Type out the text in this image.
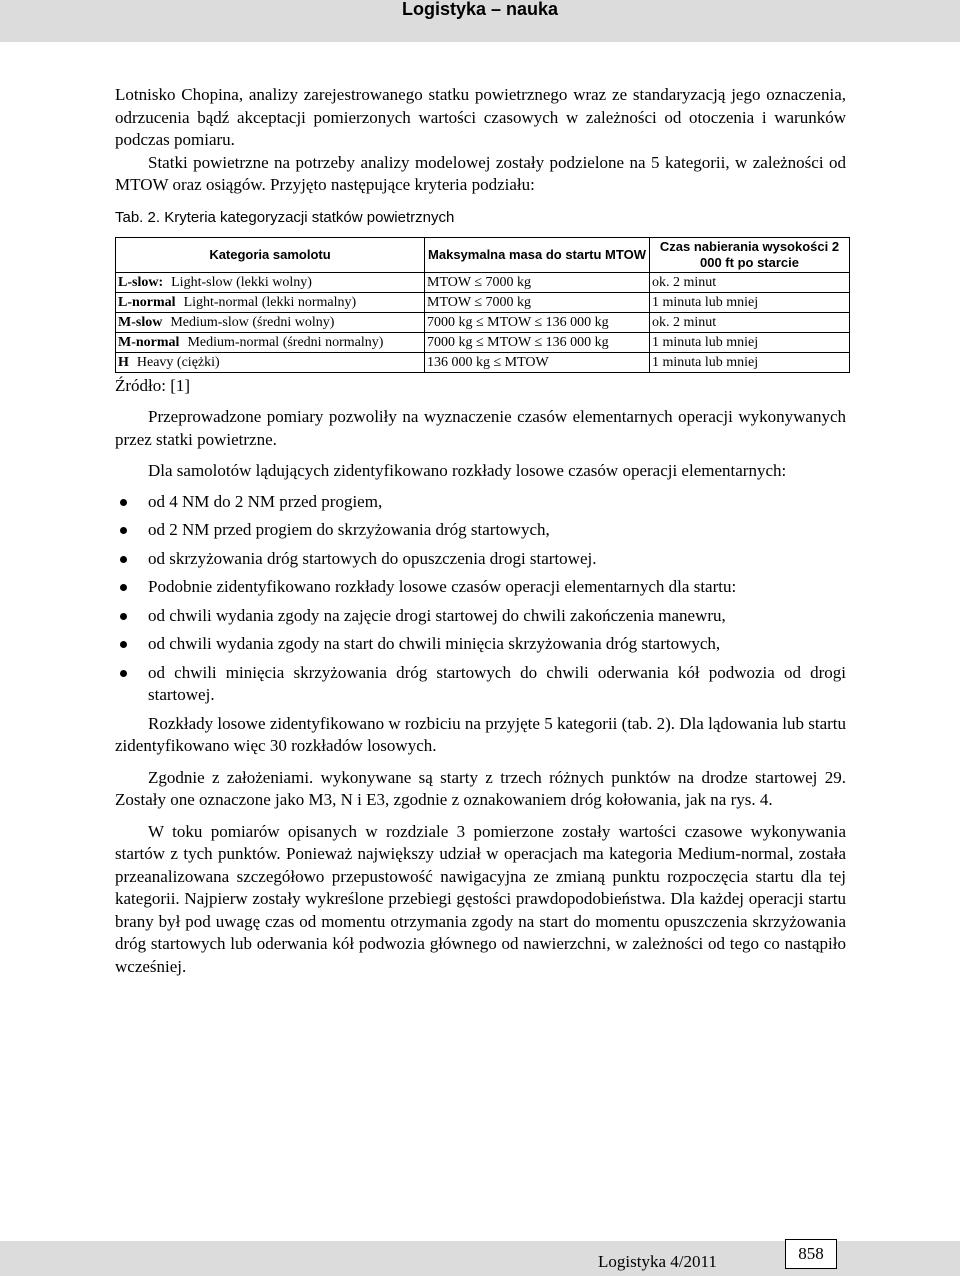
Logistyka – nauka

Lotnisko Chopina, analizy zarejestrowanego statku powietrznego wraz ze standaryzacją jego oznaczenia, odrzucenia bądź akceptacji pomierzonych wartości czasowych w zależności od otoczenia i warunków podczas pomiaru.

Statki powietrzne na potrzeby analizy modelowej zostały podzielone na 5 kategorii, w zależności od MTOW oraz osiągów. Przyjęto następujące kryteria podziału:

Tab. 2. Kryteria kategoryzacji statków powietrznych
Kategoria samolotu	Maksymalna masa do startu MTOW	Czas nabierania wysokości 2 000 ft po starcie
L-slow: Light-slow (lekki wolny)	MTOW ≤ 7000 kg	ok. 2 minut
L-normal Light-normal (lekki normalny)	MTOW ≤ 7000 kg	1 minuta lub mniej
M-slow Medium-slow (średni wolny)	7000 kg ≤ MTOW ≤ 136 000 kg	ok. 2 minut
M-normal Medium-normal (średni normalny)	7000 kg ≤ MTOW ≤ 136 000 kg	1 minuta lub mniej
H Heavy (ciężki)	136 000 kg ≤ MTOW	1 minuta lub mniej
Źródło: [1]

Przeprowadzone pomiary pozwoliły na wyznaczenie czasów elementarnych operacji wykonywanych przez statki powietrzne.

Dla samolotów lądujących zidentyfikowano rozkłady losowe czasów operacji elementarnych:

od 4 NM do 2 NM przed progiem,
od 2 NM przed progiem do skrzyżowania dróg startowych,
od skrzyżowania dróg startowych do opuszczenia drogi startowej.
Podobnie zidentyfikowano rozkłady losowe czasów operacji elementarnych dla startu:
od chwili wydania zgody na zajęcie drogi startowej do chwili zakończenia manewru,
od chwili wydania zgody na start do chwili minięcia skrzyżowania dróg startowych,
od chwili minięcia skrzyżowania dróg startowych do chwili oderwania kół podwozia od drogi startowej.

Rozkłady losowe zidentyfikowano w rozbiciu na przyjęte 5 kategorii (tab. 2). Dla lądowania lub startu zidentyfikowano więc 30 rozkładów losowych.

Zgodnie z założeniami. wykonywane są starty z trzech różnych punktów na drodze startowej 29. Zostały one oznaczone jako M3, N i E3, zgodnie z oznakowaniem dróg kołowania, jak na rys. 4.

W toku pomiarów opisanych w rozdziale 3 pomierzone zostały wartości czasowe wykonywania startów z tych punktów. Ponieważ największy udział w operacjach ma kategoria Medium-normal, została przeanalizowana szczegółowo przepustowość nawigacyjna ze zmianą punktu rozpoczęcia startu dla tej kategorii. Najpierw zostały wykreślone przebiegi gęstości prawdopodobieństwa. Dla każdej operacji startu brany był pod uwagę czas od momentu otrzymania zgody na start do momentu opuszczenia skrzyżowania dróg startowych lub oderwania kół podwozia głównego od nawierzchni, w zależności od tego co nastąpiło wcześniej.

Logistyka 4/2011	858
